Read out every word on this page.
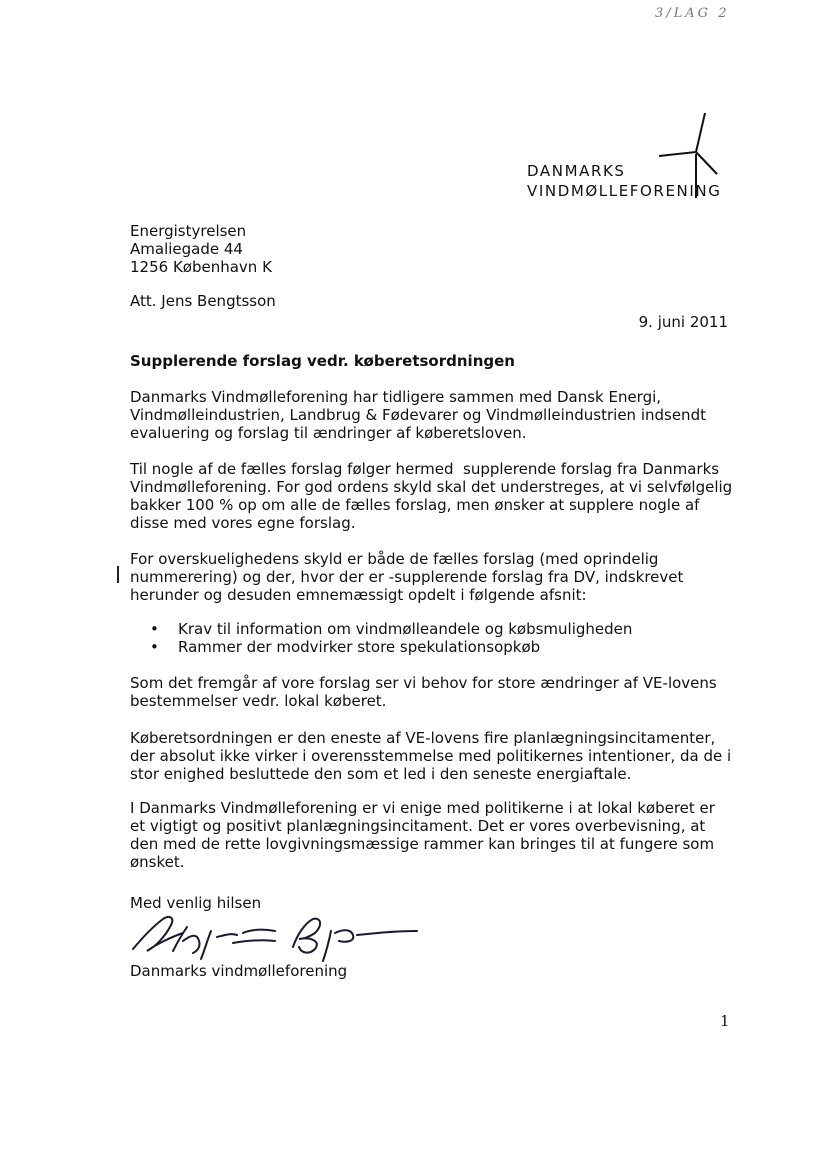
3/LAG 2
DANMARKS
VINDMØLLEFORENING
Energistyrelsen
Amaliegade 44
1256 København K
Att. Jens Bengtsson
9. juni 2011
Supplerende forslag vedr. køberetsordningen
Danmarks Vindmølleforening har tidligere sammen med Dansk Energi,
Vindmølleindustrien, Landbrug & Fødevarer og Vindmølleindustrien indsendt
evaluering og forslag til ændringer af køberetsloven.
Til nogle af de fælles forslag følger hermed  supplerende forslag fra Danmarks
Vindmølleforening. For god ordens skyld skal det understreges, at vi selvfølgelig
bakker 100 % op om alle de fælles forslag, men ønsker at supplere nogle af
disse med vores egne forslag.
For overskuelighedens skyld er både de fælles forslag (med oprindelig
nummerering) og der, hvor der er -supplerende forslag fra DV, indskrevet
herunder og desuden emnemæssigt opdelt i følgende afsnit:
• Krav til information om vindmølleandele og købsmuligheden
• Rammer der modvirker store spekulationsopkøb
Som det fremgår af vore forslag ser vi behov for store ændringer af VE-lovens
bestemmelser vedr. lokal køberet.
Køberetsordningen er den eneste af VE-lovens fire planlægningsincitamenter,
der absolut ikke virker i overensstemmelse med politikernes intentioner, da de i
stor enighed besluttede den som et led i den seneste energiaftale.
I Danmarks Vindmølleforening er vi enige med politikerne i at lokal køberet er
et vigtigt og positivt planlægningsincitament. Det er vores overbevisning, at
den med de rette lovgivningsmæssige rammer kan bringes til at fungere som
ønsket.
Med venlig hilsen
Danmarks vindmølleforening
1
